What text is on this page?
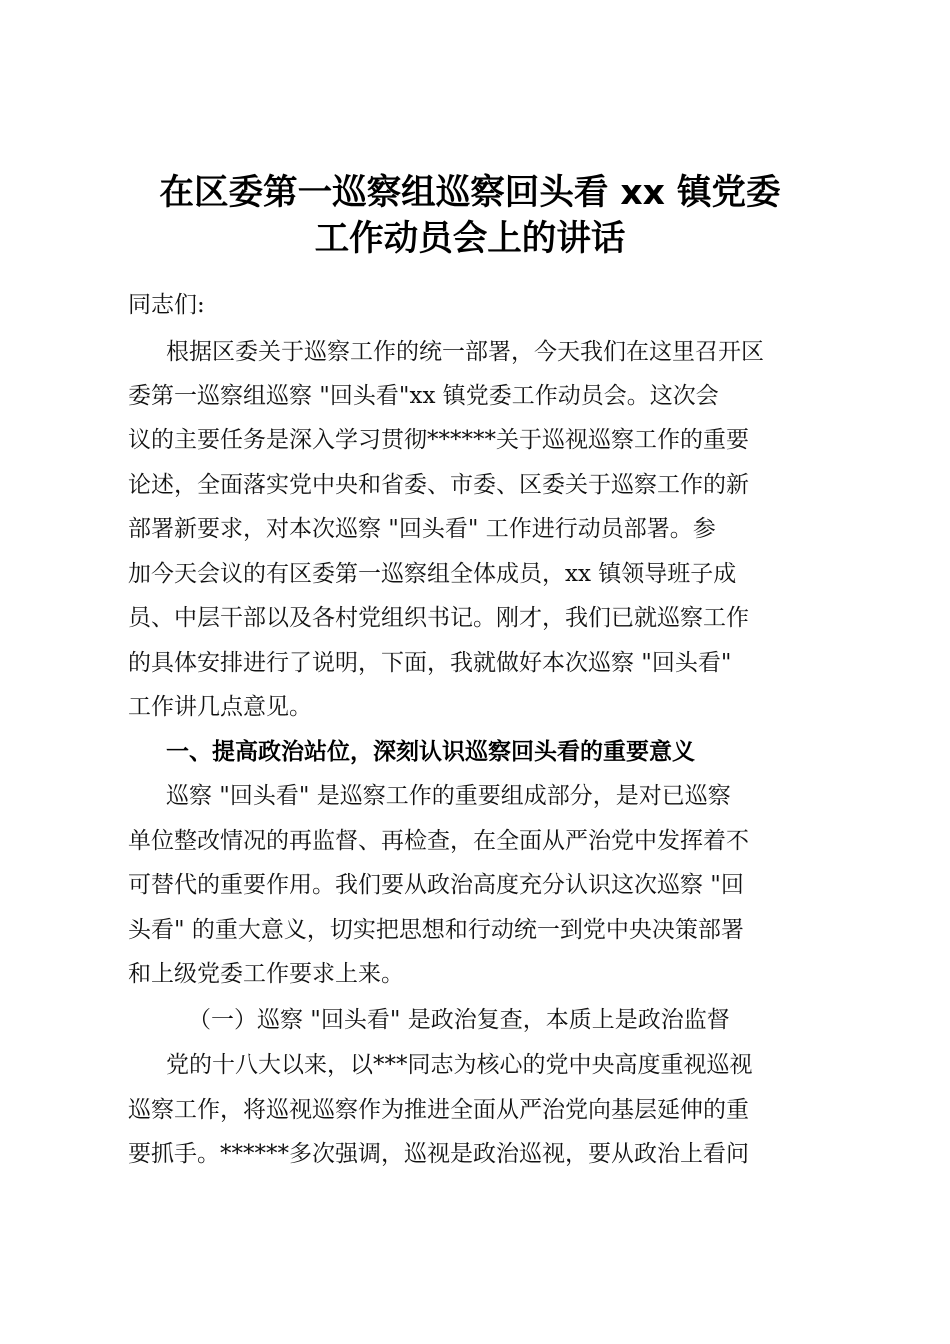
在区委第一巡察组巡察回头看 xx 镇党委
工作动员会上的讲话
同志们:
根据区委关于巡察工作的统一部署，今天我们在这里召开区
委第一巡察组巡察 "回头看"xx 镇党委工作动员会。这次会
议的主要任务是深入学习贯彻******关于巡视巡察工作的重要
论述，全面落实党中央和省委、市委、区委关于巡察工作的新
部署新要求，对本次巡察 "回头看" 工作进行动员部署。参
加今天会议的有区委第一巡察组全体成员，xx 镇领导班子成
员、中层干部以及各村党组织书记。刚才，我们已就巡察工作
的具体安排进行了说明，下面，我就做好本次巡察 "回头看"
工作讲几点意见。
一、提高政治站位，深刻认识巡察回头看的重要意义
巡察 "回头看" 是巡察工作的重要组成部分，是对已巡察
单位整改情况的再监督、再检查，在全面从严治党中发挥着不
可替代的重要作用。我们要从政治高度充分认识这次巡察 "回
头看" 的重大意义，切实把思想和行动统一到党中央决策部署
和上级党委工作要求上来。
（一）巡察 "回头看" 是政治复查，本质上是政治监督
党的十八大以来，以***同志为核心的党中央高度重视巡视
巡察工作，将巡视巡察作为推进全面从严治党向基层延伸的重
要抓手。******多次强调，巡视是政治巡视，要从政治上看问
